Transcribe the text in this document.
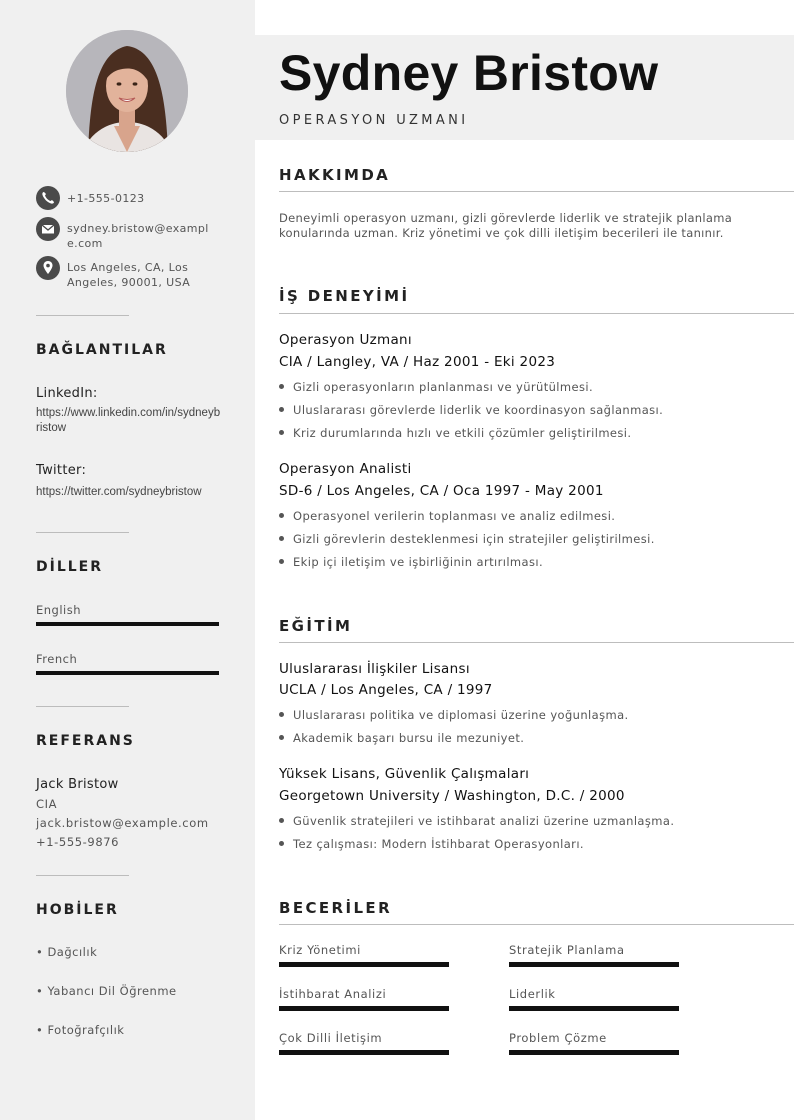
+1-555-0123
sydney.bristow@example.com
Los Angeles, CA, Los Angeles, 90001, USA
BAĞLANTILAR
LinkedIn:
https://www.linkedin.com/in/sydneybristow
Twitter:
https://twitter.com/sydneybristow
DİLLER
English
French
REFERANS
Jack Bristow
CIA
jack.bristow@example.com
+1-555-9876
HOBİLER
• Dağcılık
• Yabancı Dil Öğrenme
• Fotoğrafçılık
Sydney Bristow
OPERASYON UZMANI
HAKKIMDA
Deneyimli operasyon uzmanı, gizli görevlerde liderlik ve stratejik planlama konularında uzman. Kriz yönetimi ve çok dilli iletişim becerileri ile tanınır.
İŞ DENEYİMİ
Operasyon Uzmanı
CIA / Langley, VA / Haz 2001 - Eki 2023
Gizli operasyonların planlanması ve yürütülmesi.
Uluslararası görevlerde liderlik ve koordinasyon sağlanması.
Kriz durumlarında hızlı ve etkili çözümler geliştirilmesi.
Operasyon Analisti
SD-6 / Los Angeles, CA / Oca 1997 - May 2001
Operasyonel verilerin toplanması ve analiz edilmesi.
Gizli görevlerin desteklenmesi için stratejiler geliştirilmesi.
Ekip içi iletişim ve işbirliğinin artırılması.
EĞİTİM
Uluslararası İlişkiler Lisansı
UCLA / Los Angeles, CA / 1997
Uluslararası politika ve diplomasi üzerine yoğunlaşma.
Akademik başarı bursu ile mezuniyet.
Yüksek Lisans, Güvenlik Çalışmaları
Georgetown University / Washington, D.C. / 2000
Güvenlik stratejileri ve istihbarat analizi üzerine uzmanlaşma.
Tez çalışması: Modern İstihbarat Operasyonları.
BECERİLER
Kriz Yönetimi	Stratejik Planlama
İstihbarat Analizi	Liderlik
Çok Dilli İletişim	Problem Çözme
